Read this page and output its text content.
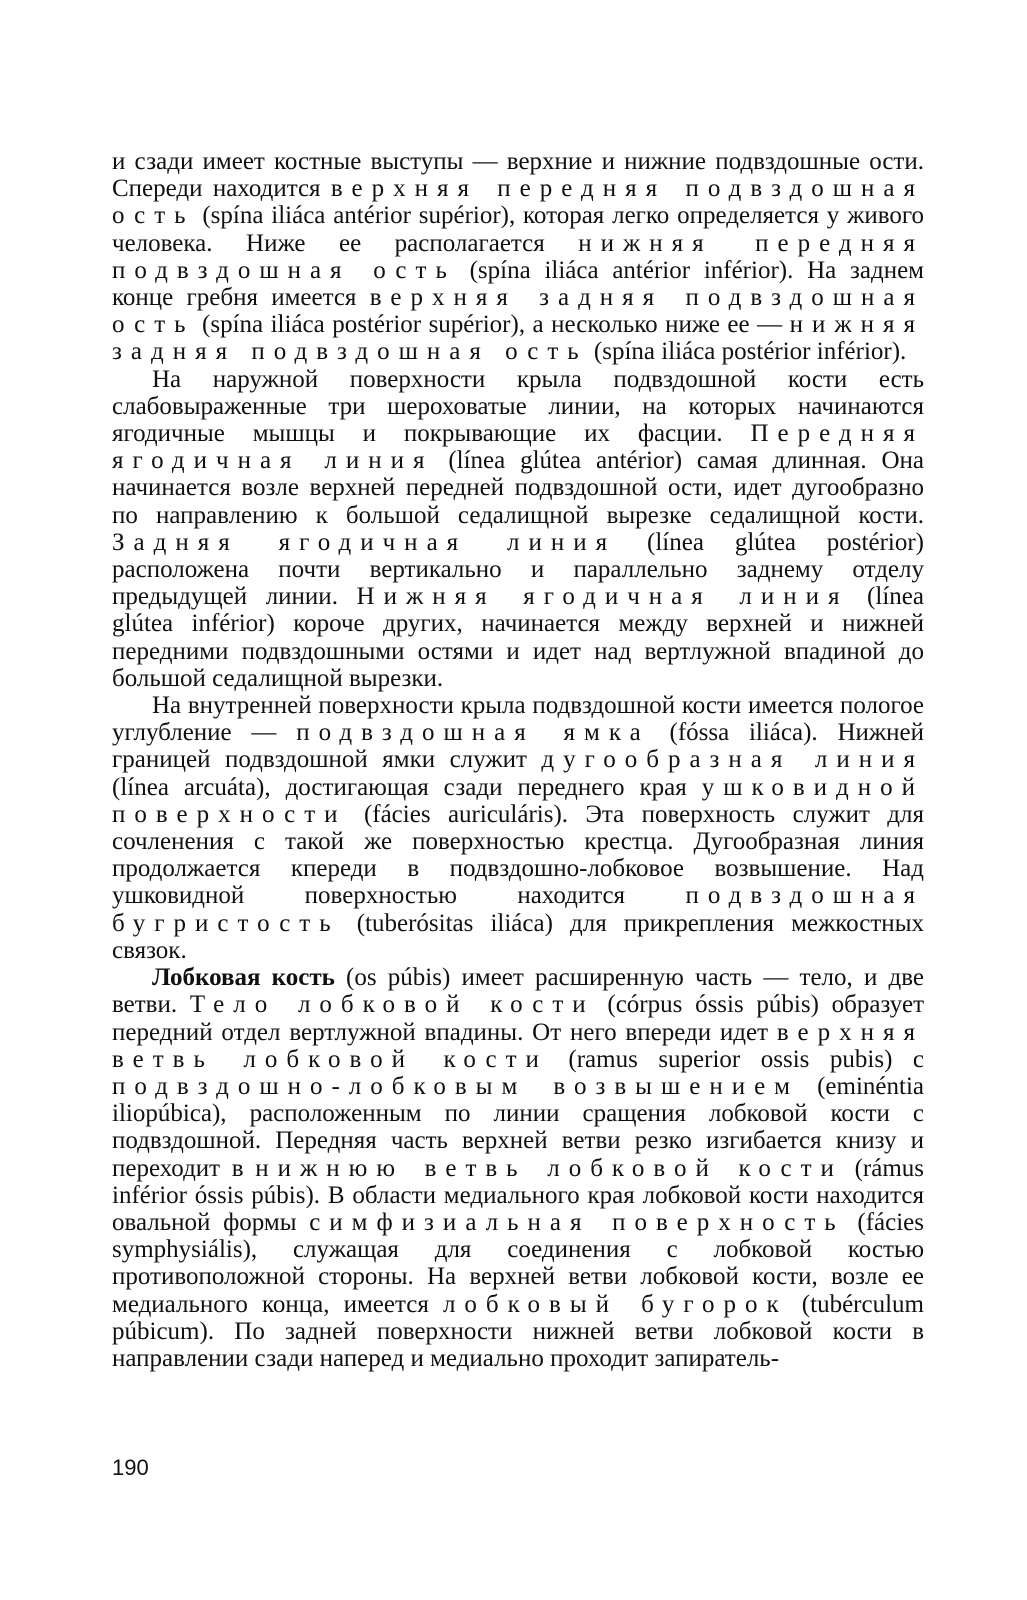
и сзади имеет костные выступы — верхние и нижние подвздошные ости. Спереди находится верхняя передняя подвздошная ость (spína iliáca antérior supérior), которая легко определяется у живого человека. Ниже ее располагается нижняя передняя подвздошная ость (spína iliáca antérior inférior). На заднем конце гребня имеется верхняя задняя подвздошная ость (spína iliáca postérior supérior), а несколько ниже ее — нижняя задняя подвздошная ость (spína iliáca postérior inférior).

На наружной поверхности крыла подвздошной кости есть слабовыраженные три шероховатые линии, на которых начинаются ягодичные мышцы и покрывающие их фасции. Передняя ягодичная линия (línea glútea antérior) самая длинная. Она начинается возле верхней передней подвздошной ости, идет дугообразно по направлению к большой седалищной вырезке седалищной кости. Задняя ягодичная линия (línea glútea postérior) расположена почти вертикально и параллельно заднему отделу предыдущей линии. Нижняя ягодичная линия (línea glútea inférior) короче других, начинается между верхней и нижней передними подвздошными остями и идет над вертлужной впадиной до большой седалищной вырезки.

На внутренней поверхности крыла подвздошной кости имеется пологое углубление — подвздошная ямка (fóssa iliáca). Нижней границей подвздошной ямки служит дугообразная линия (línea arcuáta), достигающая сзади переднего края ушковидной поверхности (fácies auriculáris). Эта поверхность служит для сочленения с такой же поверхностью крестца. Дугообразная линия продолжается кпереди в подвздошно-лобковое возвышение. Над ушковидной поверхностью находится подвздошная бугристость (tuberósitas iliáca) для прикрепления межкостных связок.

Лобковая кость (os púbis) имеет расширенную часть — тело, и две ветви. Тело лобковой кости (córpus óssis púbis) образует передний отдел вертлужной впадины. От него впереди идет верхняя ветвь лобковой кости (ramus superior ossis pubis) с подвздошно-лобковым возвышением (eminéntia iliopúbica), расположенным по линии сращения лобковой кости с подвздошной. Передняя часть верхней ветви резко изгибается книзу и переходит в нижнюю ветвь лобковой кости (rámus inférior óssis púbis). В области медиального края лобковой кости находится овальной формы симфизиальная поверхность (fácies symphysiális), служащая для соединения с лобковой костью противоположной стороны. На верхней ветви лобковой кости, возле ее медиального конца, имеется лобковый бугорок (tubérculum púbicum). По задней поверхности нижней ветви лобковой кости в направлении сзади наперед и медиально проходит запиратель-

190
